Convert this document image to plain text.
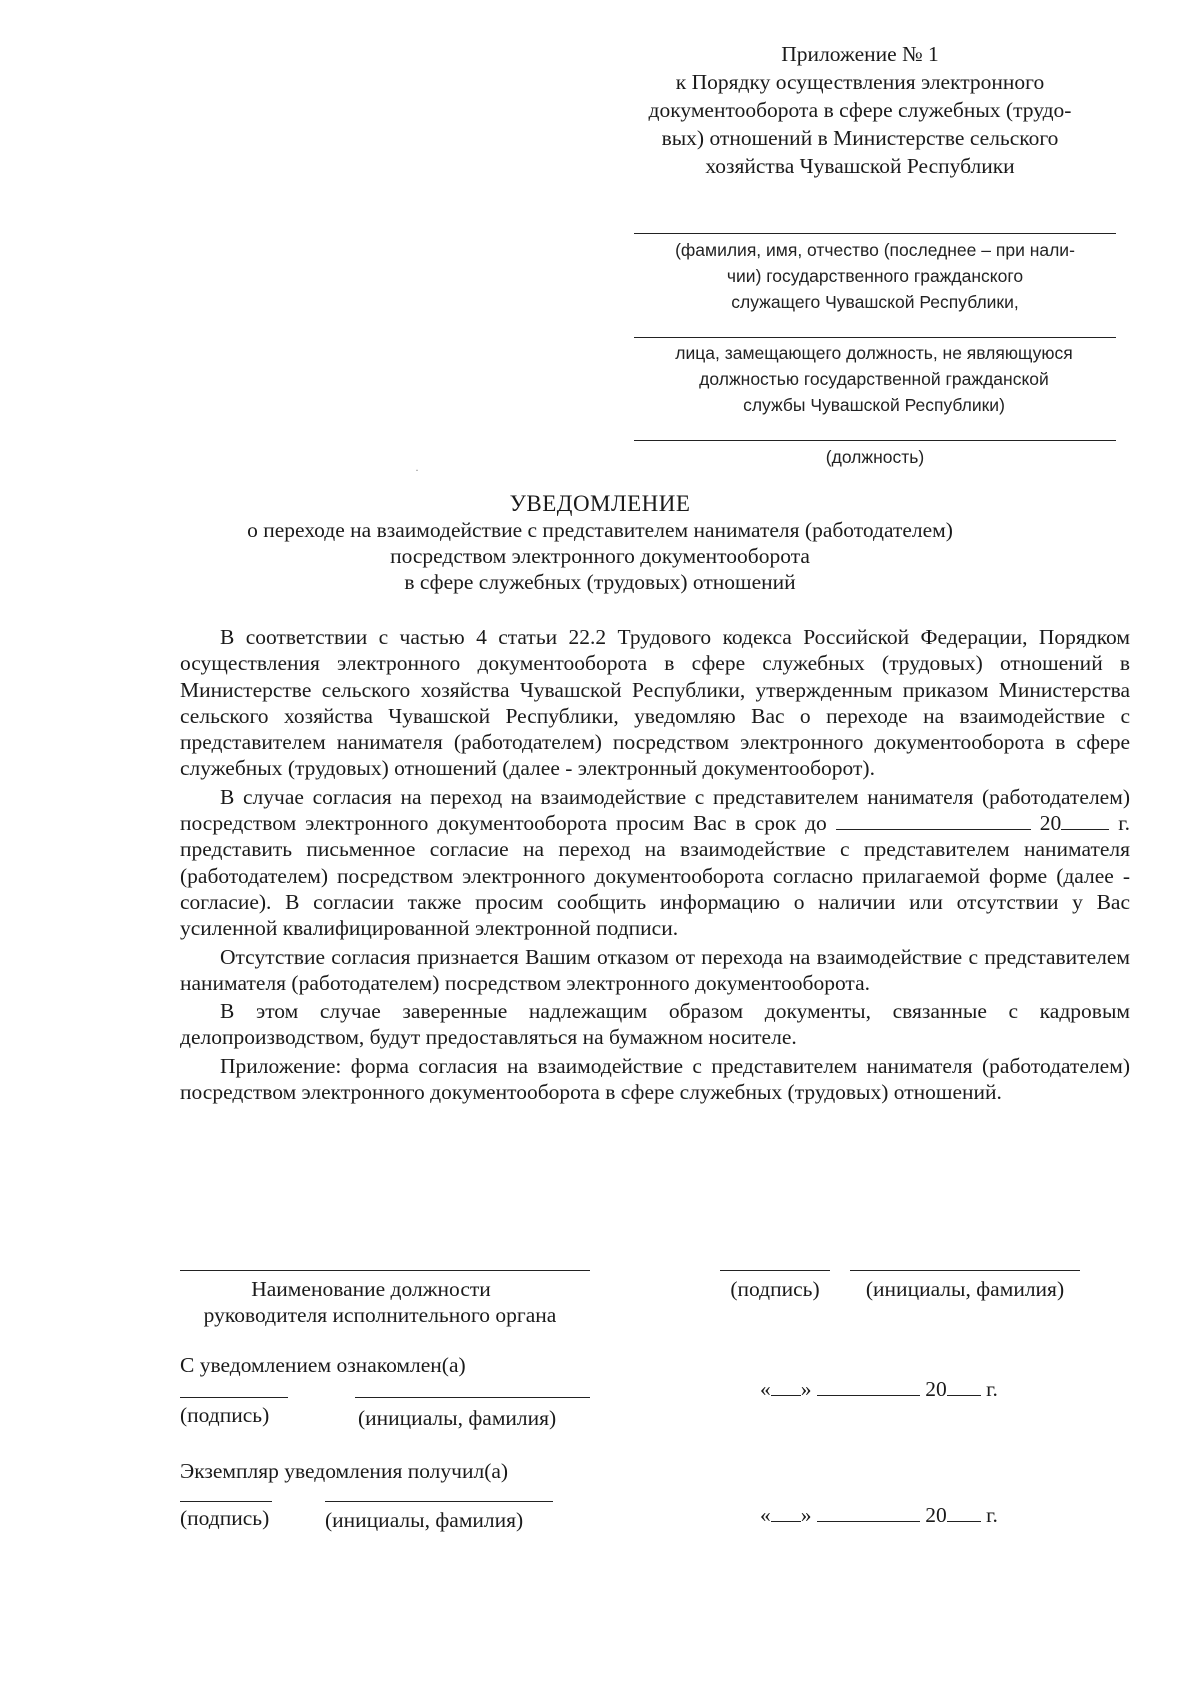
Приложение № 1
к Порядку осуществления электронного
документооборота в сфере служебных (трудо-
вых) отношений в Министерстве сельского
хозяйства Чувашской Республики
(фамилия, имя, отчество (последнее – при нали-
чии) государственного гражданского
служащего Чувашской Республики,
лица, замещающего должность, не являющуюся
должностью государственной гражданской
службы Чувашской Республики)
(должность)
·
УВЕДОМЛЕНИЕ
о переходе на взаимодействие с представителем нанимателя (работодателем)
посредством электронного документооборота
в сфере служебных (трудовых) отношений

В соответствии с частью 4 статьи 22.2 Трудового кодекса Российской Федерации, Порядком осуществления электронного документооборота в сфере служебных (трудовых) отношений в Министерстве сельского хозяйства Чувашской Республики, утвержденным приказом Министерства сельского хозяйства Чувашской Республики, уведомляю Вас о переходе на взаимодействие с представителем нанимателя (работодателем) посредством электронного документооборота в сфере служебных (трудовых) отношений (далее - электронный документооборот).

В случае согласия на переход на взаимодействие с представителем нанимателя (работодателем) посредством электронного документооборота просим Вас в срок до	20	г. представить письменное согласие на переход на взаимодействие с представителем нанимателя (работодателем) посредством электронного документооборота согласно прилагаемой форме (далее - согласие). В согласии также просим сообщить информацию о наличии или отсутствии у Вас усиленной квалифицированной электронной подписи.

Отсутствие согласия признается Вашим отказом от перехода на взаимодействие с представителем нанимателя (работодателем) посредством электронного документооборота.

В этом случае заверенные надлежащим образом документы, связанные с кадровым делопроизводством, будут предоставляться на бумажном носителе.

Приложение: форма согласия на взаимодействие с представителем нанимателя (работодателем) посредством электронного документооборота в сфере служебных (трудовых) отношений.

Наименование должности
руководителя исполнительного органа
(подпись)	(инициалы, фамилия)
С уведомлением ознакомлен(а)
(подпись)	(инициалы, фамилия)
« »	20 г.
Экземпляр уведомления получил(а)
(подпись)	(инициалы, фамилия)	« »	20 г.
